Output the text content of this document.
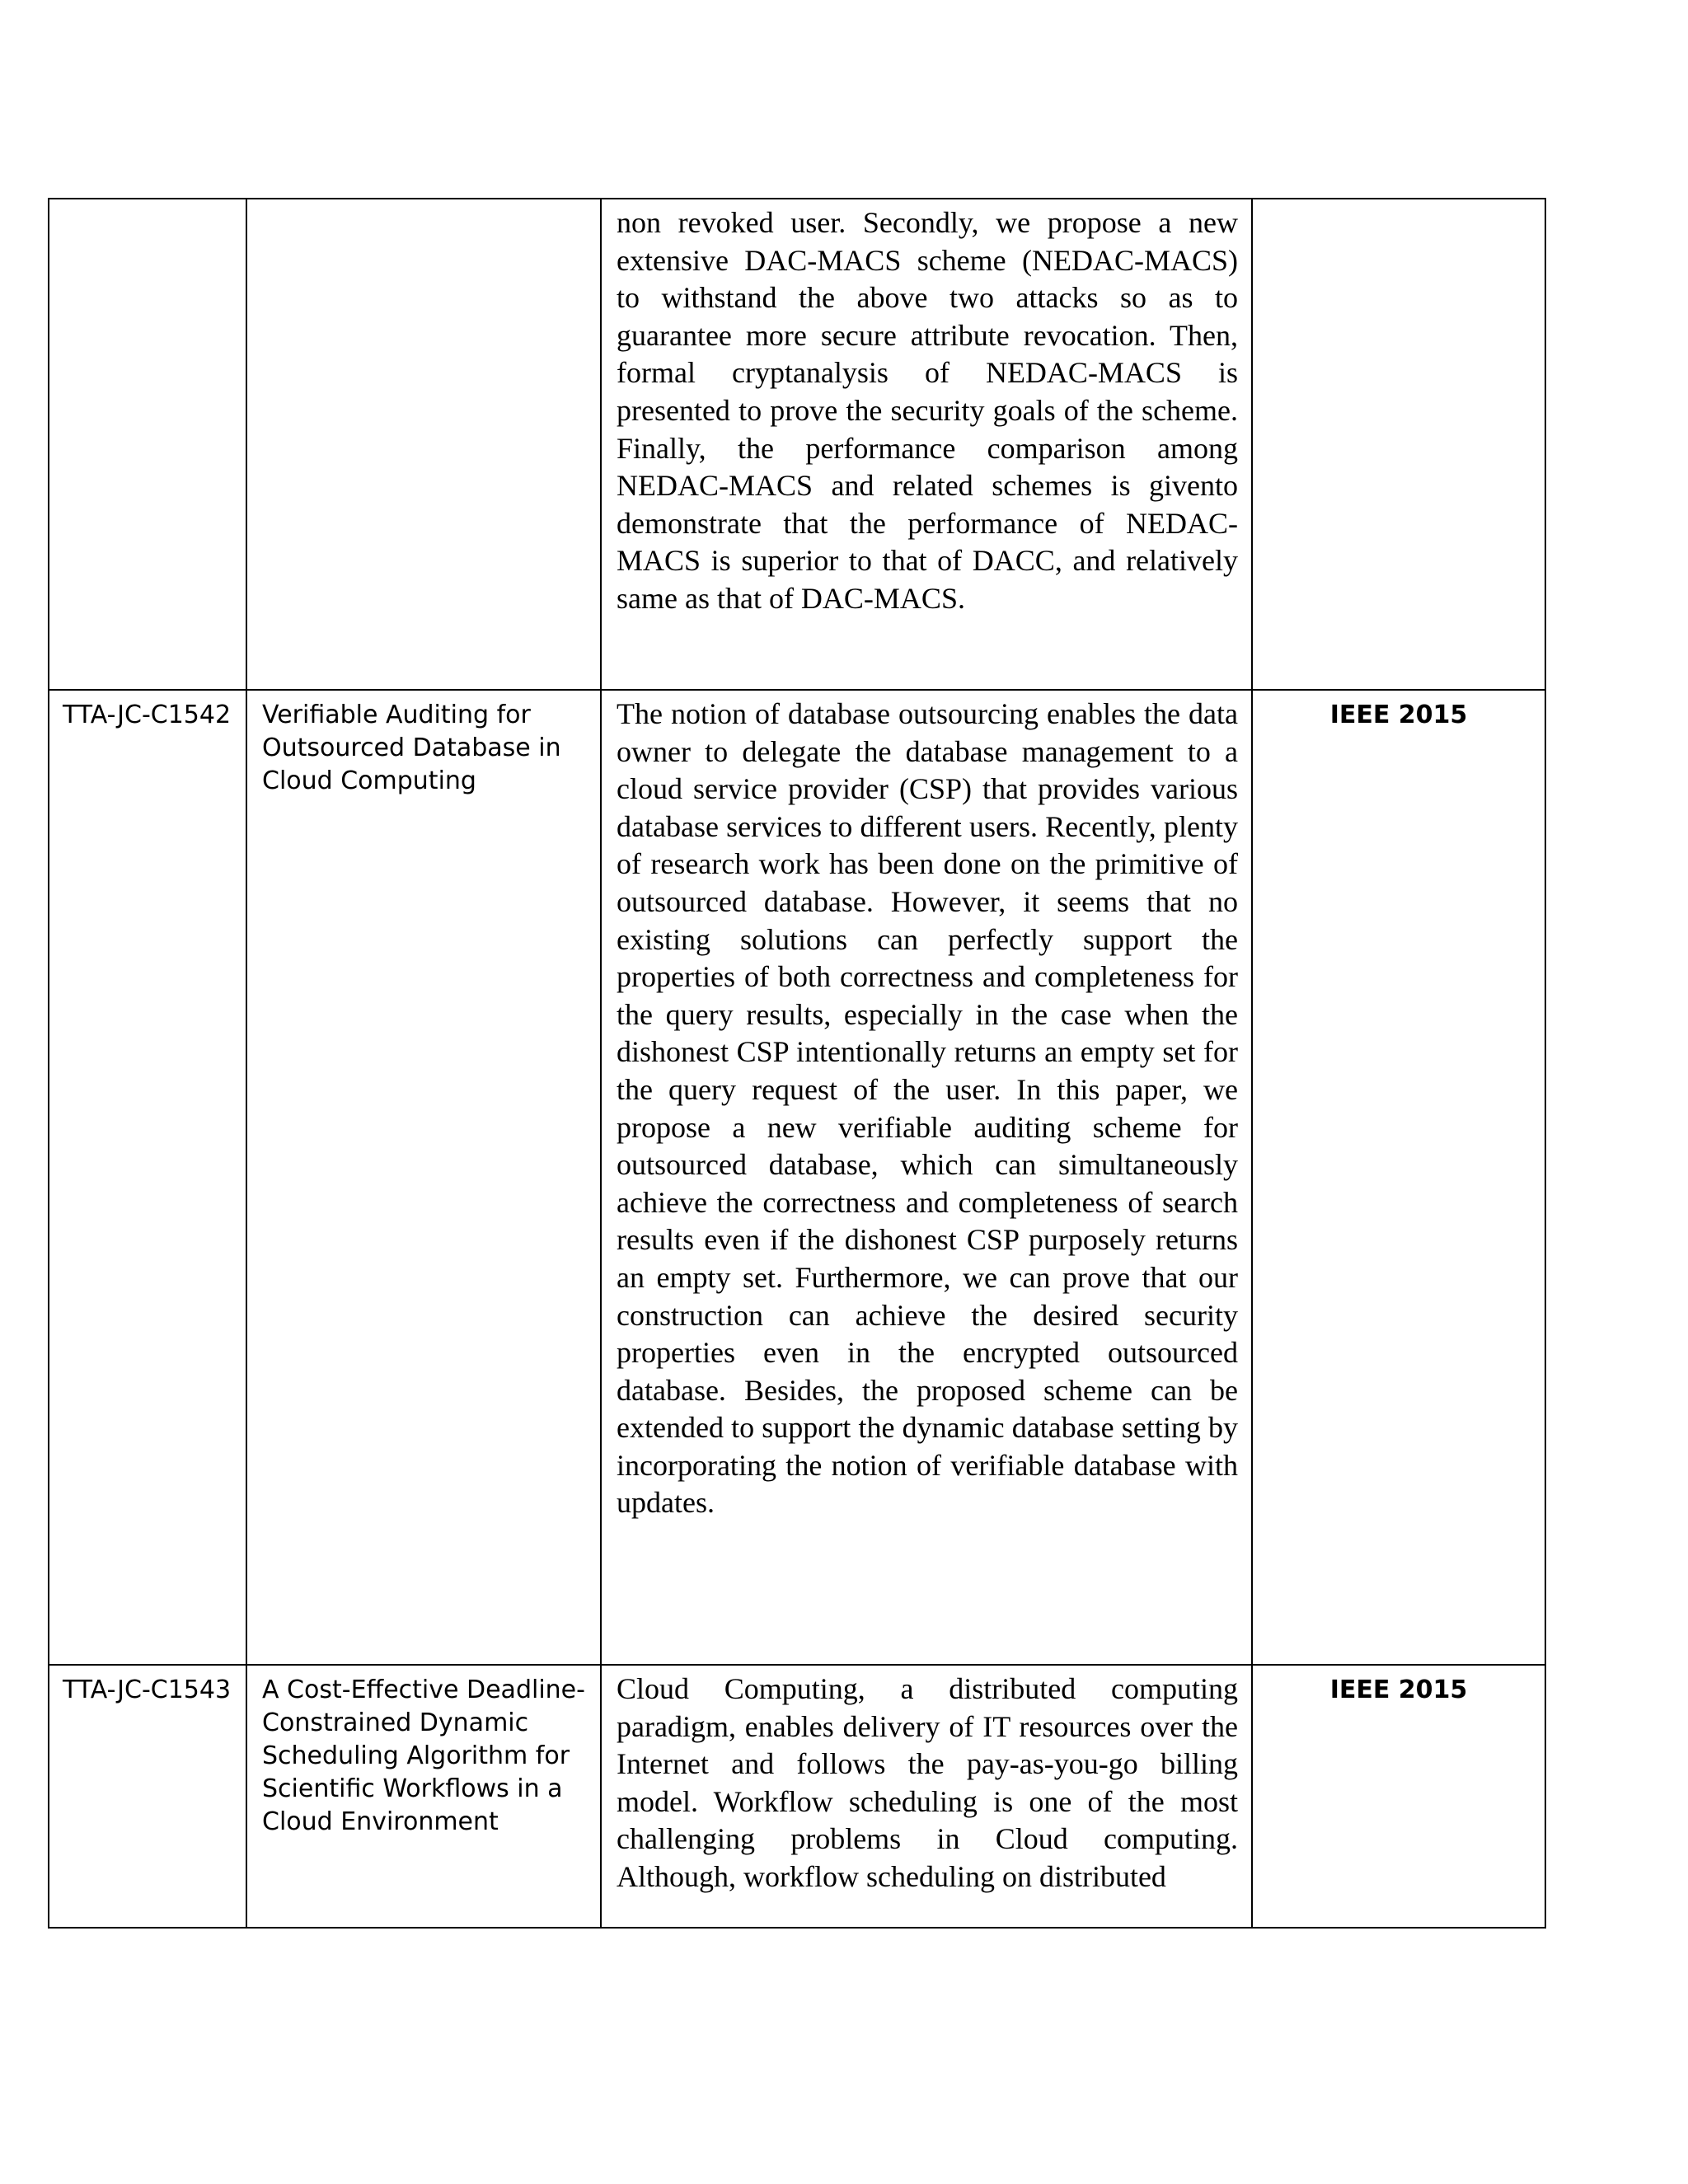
		non revoked user. Secondly, we propose a new extensive DAC-MACS scheme (NEDAC-MACS) to withstand the above two attacks so as to guarantee more secure attribute revocation. Then, formal cryptanalysis of NEDAC-MACS is presented to prove the security goals of the scheme. Finally, the performance comparison among NEDAC-MACS and related schemes is givento demonstrate that the performance of NEDAC-MACS is superior to that of DACC, and relatively same as that of DAC-MACS.	

TTA-JC-C1542	Verifiable Auditing for Outsourced Database in Cloud Computing	The notion of database outsourcing enables the data owner to delegate the database management to a cloud service provider (CSP) that provides various database services to different users. Recently, plenty of research work has been done on the primitive of outsourced database. However, it seems that no existing solutions can perfectly support the properties of both correctness and completeness for the query results, especially in the case when the dishonest CSP intentionally returns an empty set for the query request of the user. In this paper, we propose a new verifiable auditing scheme for outsourced database, which can simultaneously achieve the correctness and completeness of search results even if the dishonest CSP purposely returns an empty set. Furthermore, we can prove that our construction can achieve the desired security properties even in the encrypted outsourced database. Besides, the proposed scheme can be extended to support the dynamic database setting by incorporating the notion of verifiable database with updates.	IEEE 2015

TTA-JC-C1543	A Cost-Effective Deadline-Constrained Dynamic Scheduling Algorithm for Scientific Workflows in a Cloud Environment	Cloud Computing, a distributed computing paradigm, enables delivery of IT resources over the Internet and follows the pay-as-you-go billing model. Workflow scheduling is one of the most challenging problems in Cloud computing. Although, workflow scheduling on distributed	IEEE 2015
